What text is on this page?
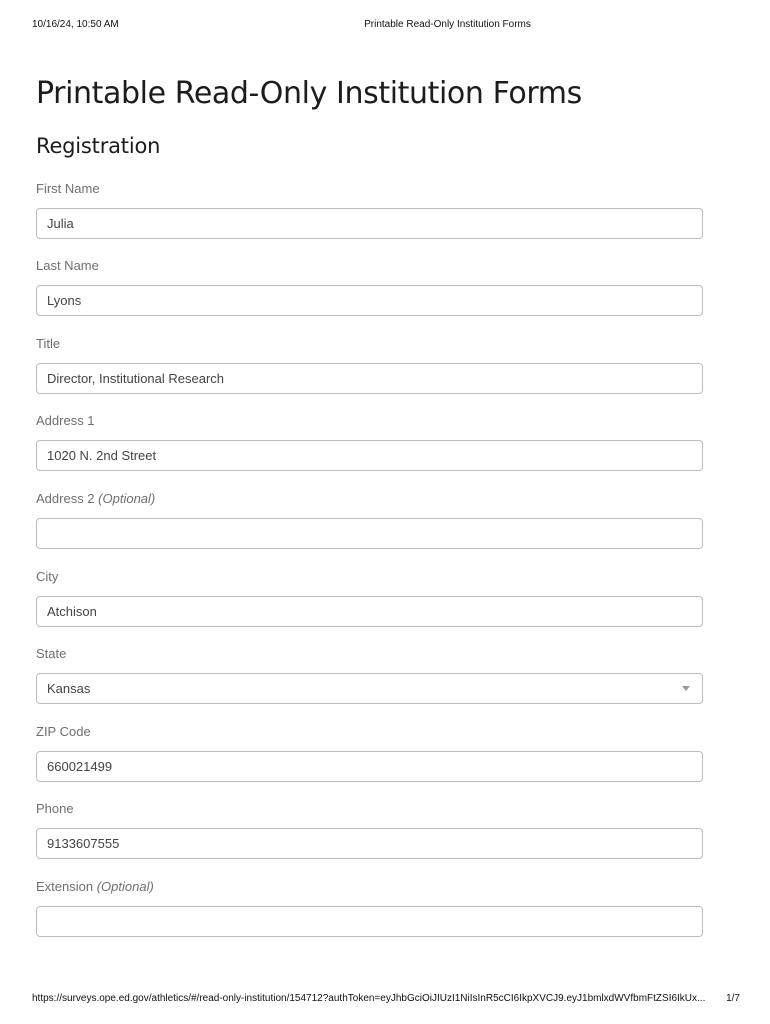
10/16/24, 10:50 AM	Printable Read-Only Institution Forms
Printable Read-Only Institution Forms
Registration
First Name
Julia
Last Name
Lyons
Title
Director, Institutional Research
Address 1
1020 N. 2nd Street
Address 2 (Optional)
City
Atchison
State
Kansas
ZIP Code
660021499
Phone
9133607555
Extension (Optional)
https://surveys.ope.ed.gov/athletics/#/read-only-institution/154712?authToken=eyJhbGciOiJIUzI1NiIsInR5cCI6IkpXVCJ9.eyJ1bmlxdWVfbmFtZSI6IkUx...	1/7
